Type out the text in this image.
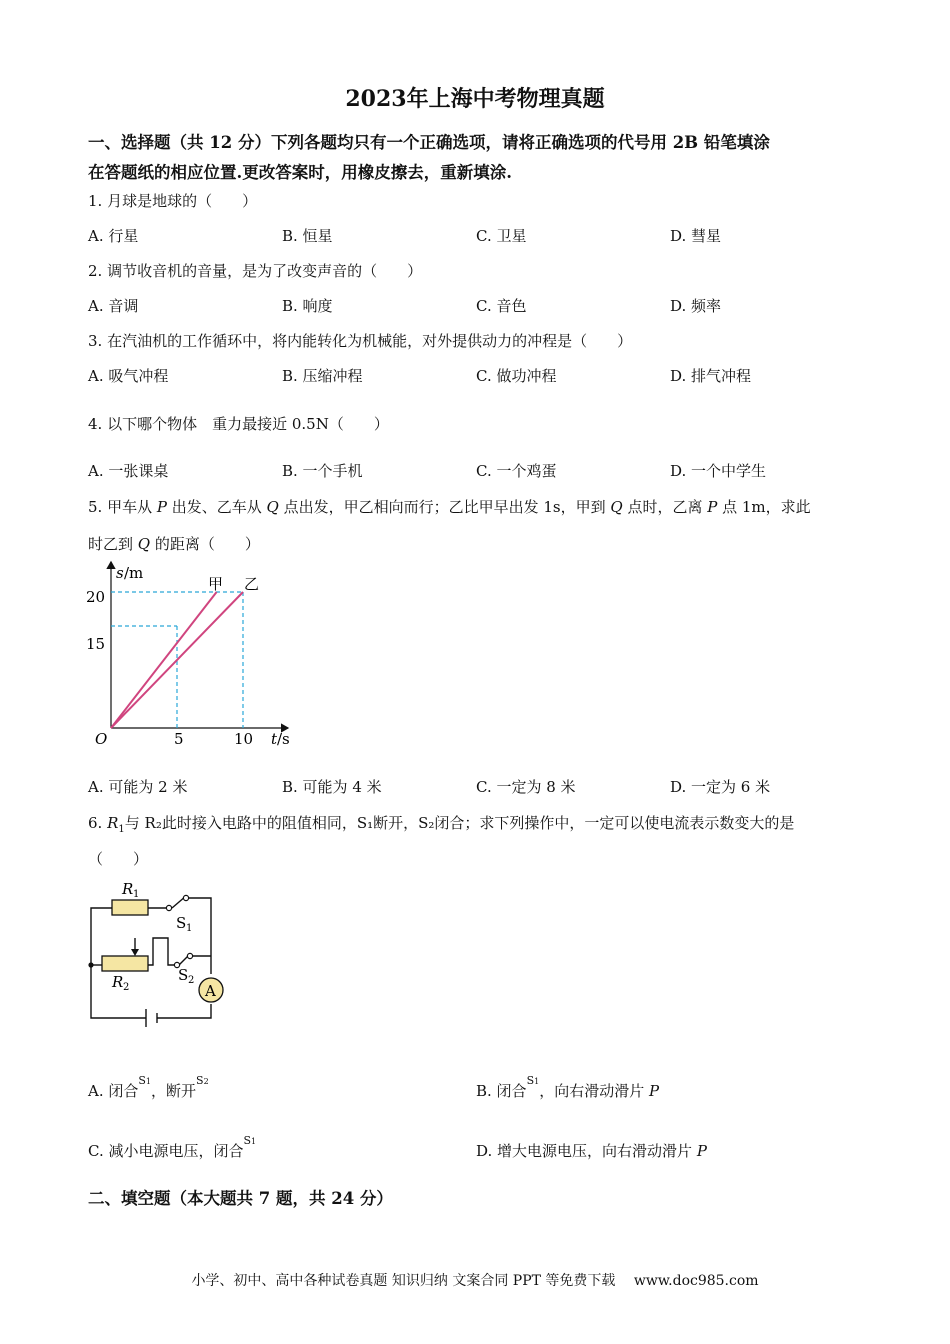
2023年上海中考物理真题
一、选择题（共 12 分）下列各题均只有一个正确选项，请将正确选项的代号用 2B 铅笔填涂
在答题纸的相应位置.更改答案时，用橡皮擦去，重新填涂.
1. 月球是地球的（　　）
A. 行星	B. 恒星	C. 卫星	D. 彗星
2. 调节收音机的音量，是为了改变声音的（　　）
A. 音调	B. 响度	C. 音色	D. 频率
3. 在汽油机的工作循环中，将内能转化为机械能，对外提供动力的冲程是（　　）
A. 吸气冲程	B. 压缩冲程	C. 做功冲程	D. 排气冲程
4. 以下哪个物体　重力最接近 0.5N（　　）
A. 一张课桌	B. 一个手机	C. 一个鸡蛋	D. 一个中学生
5. 甲车从 P 出发、乙车从 Q 点出发，甲乙相向而行；乙比甲早出发 1s，甲到 Q 点时，乙离 P 点 1m，求此
时乙到 Q 的距离（　　）
s /m
20
15
O	5	10 t /s
甲 乙
A. 可能为 2 米	B. 可能为 4 米	C. 一定为 8 米	D. 一定为 6 米
6. $R_1$与 R₂此时接入电路中的阻值相同，S₁断开，S₂闭合；求下列操作中，一定可以使电流表示数变大的是
（　　）
A
R 1
R 2
S 1
S 2
A. 闭合$^{S1}$，断开$^{S2}$
B. 闭合$^{S1}$，向右滑动滑片 P
C. 减小电源电压，闭合$^{S1}$
D. 增大电源电压，向右滑动滑片 P
二、填空题（本大题共 7 题，共 24 分）
小学、初中、高中各种试卷真题 知识归纳 文案合同 PPT 等免费下载　 www.doc985.com
